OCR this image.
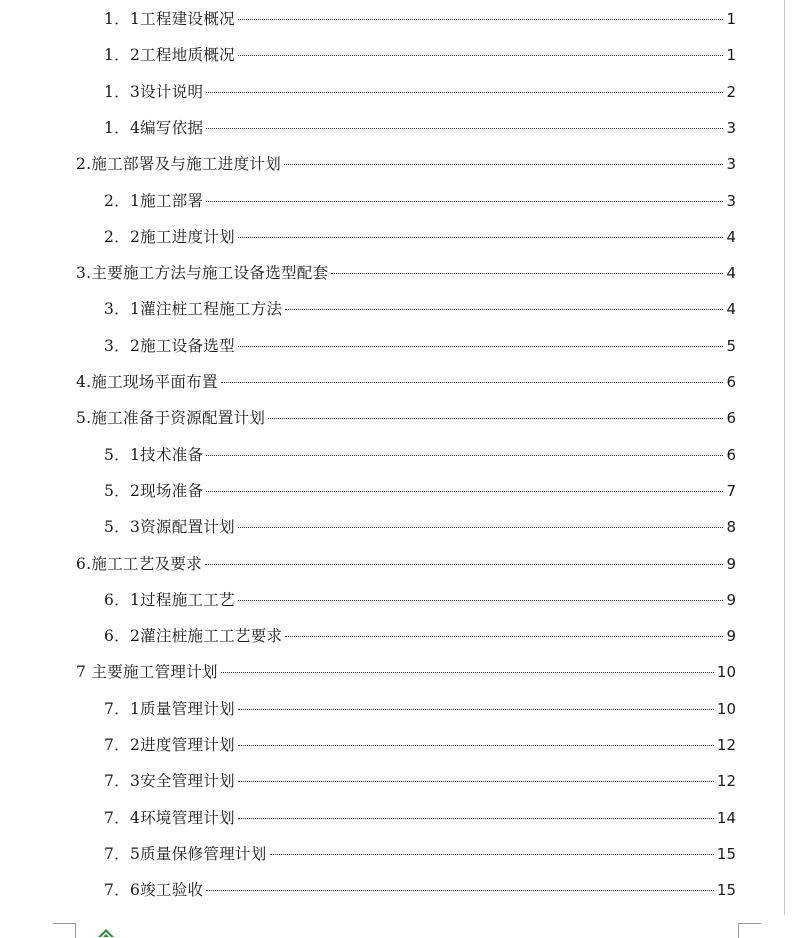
1．1工程建设概况	1
1．2工程地质概况	1
1．3设计说明	2
1．4编写依据	3
2.施工部署及与施工进度计划	3
2．1施工部署	3
2．2施工进度计划	4
3.主要施工方法与施工设备选型配套	4
3．1灌注桩工程施工方法	4
3．2施工设备选型	5
4.施工现场平面布置	6
5.施工准备于资源配置计划	6
5．1技术准备	6
5．2现场准备	7
5．3资源配置计划	8
6.施工工艺及要求	9
6．1过程施工工艺	9
6．2灌注桩施工工艺要求	9
7 主要施工管理计划	10
7．1质量管理计划	10
7．2进度管理计划	12
7．3安全管理计划	12
7．4环境管理计划	14
7．5质量保修管理计划	15
7．6竣工验收	15
